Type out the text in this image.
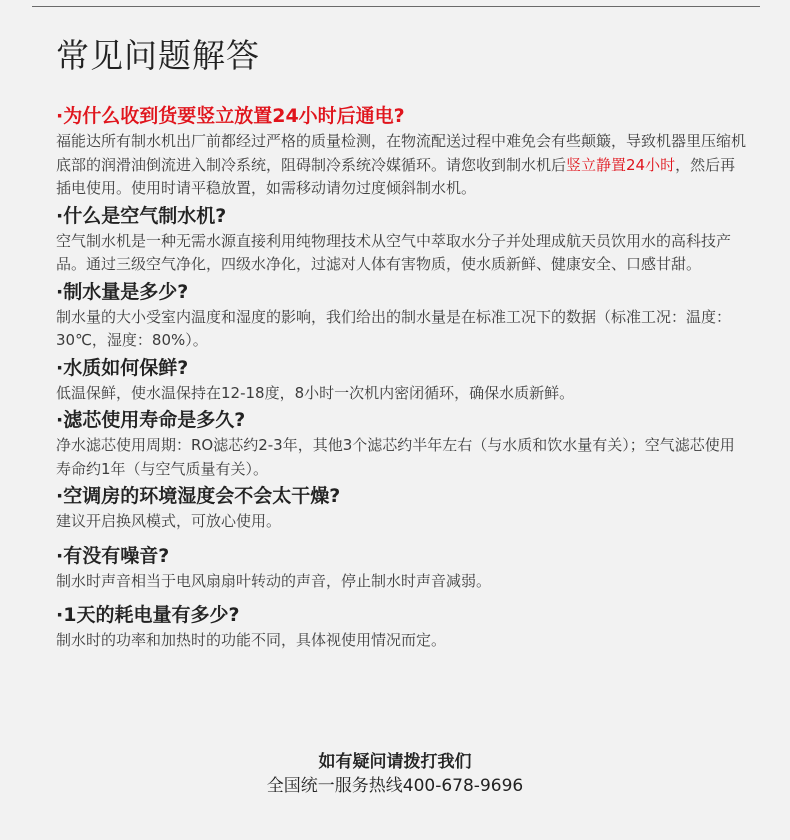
常见问题解答
·为什么收到货要竖立放置24小时后通电?
福能达所有制水机出厂前都经过严格的质量检测，在物流配送过程中难免会有些颠簸，导致机器里压缩机底部的润滑油倒流进入制冷系统，阻碍制冷系统冷媒循环。请您收到制水机后竖立静置24小时，然后再插电使用。使用时请平稳放置，如需移动请勿过度倾斜制水机。
·什么是空气制水机?
空气制水机是一种无需水源直接利用纯物理技术从空气中萃取水分子并处理成航天员饮用水的高科技产品。通过三级空气净化，四级水净化，过滤对人体有害物质，使水质新鲜、健康安全、口感甘甜。
·制水量是多少?
制水量的大小受室内温度和湿度的影响，我们给出的制水量是在标准工况下的数据（标准工况：温度：30℃，湿度：80%）。
·水质如何保鲜?
低温保鲜，使水温保持在12-18度，8小时一次机内密闭循环，确保水质新鲜。
·滤芯使用寿命是多久?
净水滤芯使用周期：RO滤芯约2-3年，其他3个滤芯约半年左右（与水质和饮水量有关）；空气滤芯使用寿命约1年（与空气质量有关）。
·空调房的环境湿度会不会太干燥?
建议开启换风模式，可放心使用。
·有没有噪音?
制水时声音相当于电风扇扇叶转动的声音，停止制水时声音减弱。
·1天的耗电量有多少?
制水时的功率和加热时的功能不同，具体视使用情况而定。
如有疑问请拨打我们
全国统一服务热线400-678-9696
